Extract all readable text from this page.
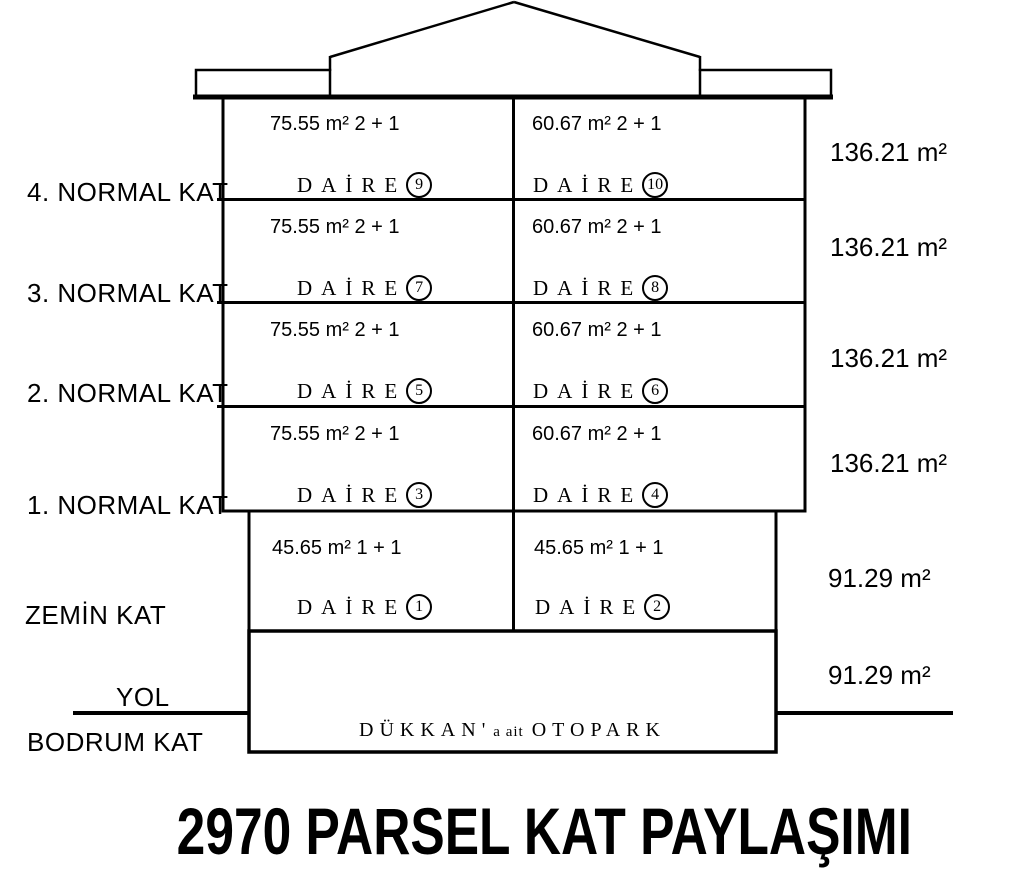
4. NORMAL KAT
3. NORMAL KAT
2. NORMAL KAT
1. NORMAL KAT
ZEMİN KAT
YOL
BODRUM KAT
136.21 m²
136.21 m²
136.21 m²
136.21 m²
91.29 m²
91.29 m²
75.55 m² 2 + 1	60.67 m² 2 + 1
DAİRE 9	DAİRE 10
75.55 m² 2 + 1	60.67 m² 2 + 1
DAİRE 7	DAİRE 8
75.55 m² 2 + 1	60.67 m² 2 + 1
DAİRE 5	DAİRE 6
75.55 m² 2 + 1	60.67 m² 2 + 1
DAİRE 3	DAİRE 4
45.65 m² 1 + 1	45.65 m² 1 + 1
DAİRE 1	DAİRE 2
DÜKKAN' a ait OTOPARK
2970 PARSEL KAT PAYLAŞIMI
